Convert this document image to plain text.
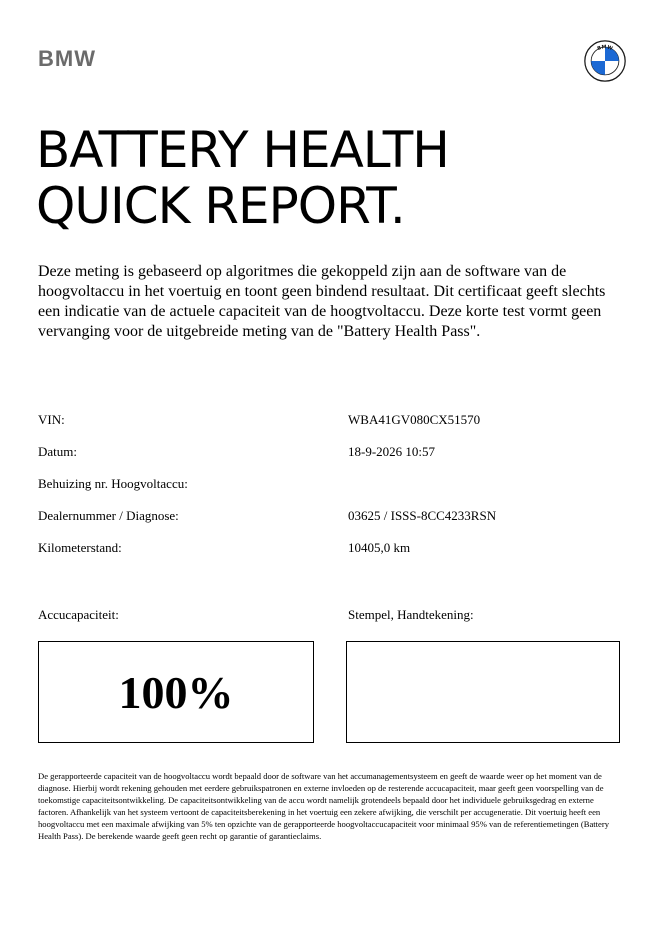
BMW	BMW
BATTERY HEALTH
QUICK REPORT.

Deze meting is gebaseerd op algoritmes die gekoppeld zijn aan de software van de hoogvoltaccu in het voertuig en toont geen bindend resultaat. Dit certificaat geeft slechts een indicatie van de actuele capaciteit van de hoogtvoltaccu. Deze korte test vormt geen vervanging voor de uitgebreide meting van de "Battery Health Pass".

VIN:	WBA41GV080CX51570
Datum:	18-9-2026 10:57
Behuizing nr. Hoogvoltaccu:
Dealernummer / Diagnose:	03625 / ISSS-8CC4233RSN
Kilometerstand:	10405,0 km
Accucapaciteit:	Stempel, Handtekening:
100%

De gerapporteerde capaciteit van de hoogvoltaccu wordt bepaald door de software van het accumanagementsysteem en geeft de waarde weer op het moment van de diagnose. Hierbij wordt rekening gehouden met eerdere gebruikspatronen en externe invloeden op de resterende accucapaciteit, maar geeft geen voorspelling van de toekomstige capaciteitsontwikkeling. De capaciteitsontwikkeling van de accu wordt namelijk grotendeels bepaald door het individuele gebruiksgedrag en externe factoren. Afhankelijk van het systeem vertoont de capaciteitsberekening in het voertuig een zekere afwijking, die verschilt per accugeneratie. Dit voertuig heeft een hoogvoltaccu met een maximale afwijking van 5% ten opzichte van de gerapporteerde hoogvoltaccucapaciteit voor minimaal 95% van de referentiemetingen (Battery Health Pass). De berekende waarde geeft geen recht op garantie of garantieclaims.
